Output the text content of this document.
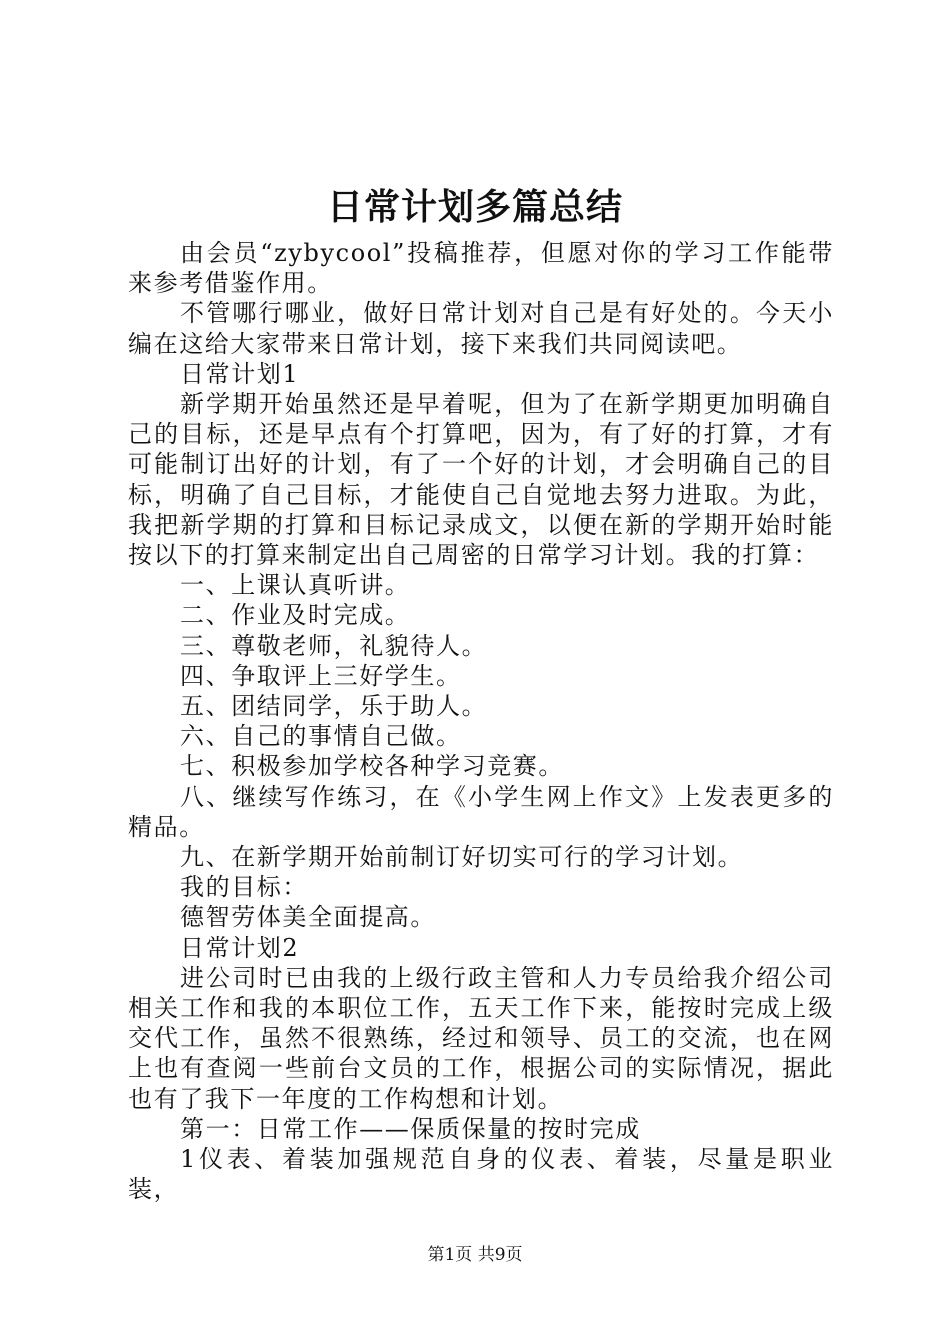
日常计划多篇总结

由会员“zybycool”投稿推荐，但愿对你的学习工作能带来参考借鉴作用。

不管哪行哪业，做好日常计划对自己是有好处的。今天小编在这给大家带来日常计划，接下来我们共同阅读吧。

日常计划1

新学期开始虽然还是早着呢，但为了在新学期更加明确自己的目标，还是早点有个打算吧，因为，有了好的打算，才有可能制订出好的计划，有了一个好的计划，才会明确自己的目标，明确了自己目标，才能使自己自觉地去努力进取。为此，我把新学期的打算和目标记录成文，以便在新的学期开始时能按以下的打算来制定出自己周密的日常学习计划。我的打算：

一、上课认真听讲。

二、作业及时完成。

三、尊敬老师，礼貌待人。

四、争取评上三好学生。

五、团结同学，乐于助人。

六、自己的事情自己做。

七、积极参加学校各种学习竞赛。

八、继续写作练习，在《小学生网上作文》上发表更多的精品。

九、在新学期开始前制订好切实可行的学习计划。

我的目标：

德智劳体美全面提高。

日常计划2

进公司时已由我的上级行政主管和人力专员给我介绍公司相关工作和我的本职位工作，五天工作下来，能按时完成上级交代工作，虽然不很熟练，经过和领导、员工的交流，也在网上也有查阅一些前台文员的工作，根据公司的实际情况，据此也有了我下一年度的工作构想和计划。

第一：日常工作——保质保量的按时完成

1仪表、着装加强规范自身的仪表、着装，尽量是职业装，

第1页 共9页
